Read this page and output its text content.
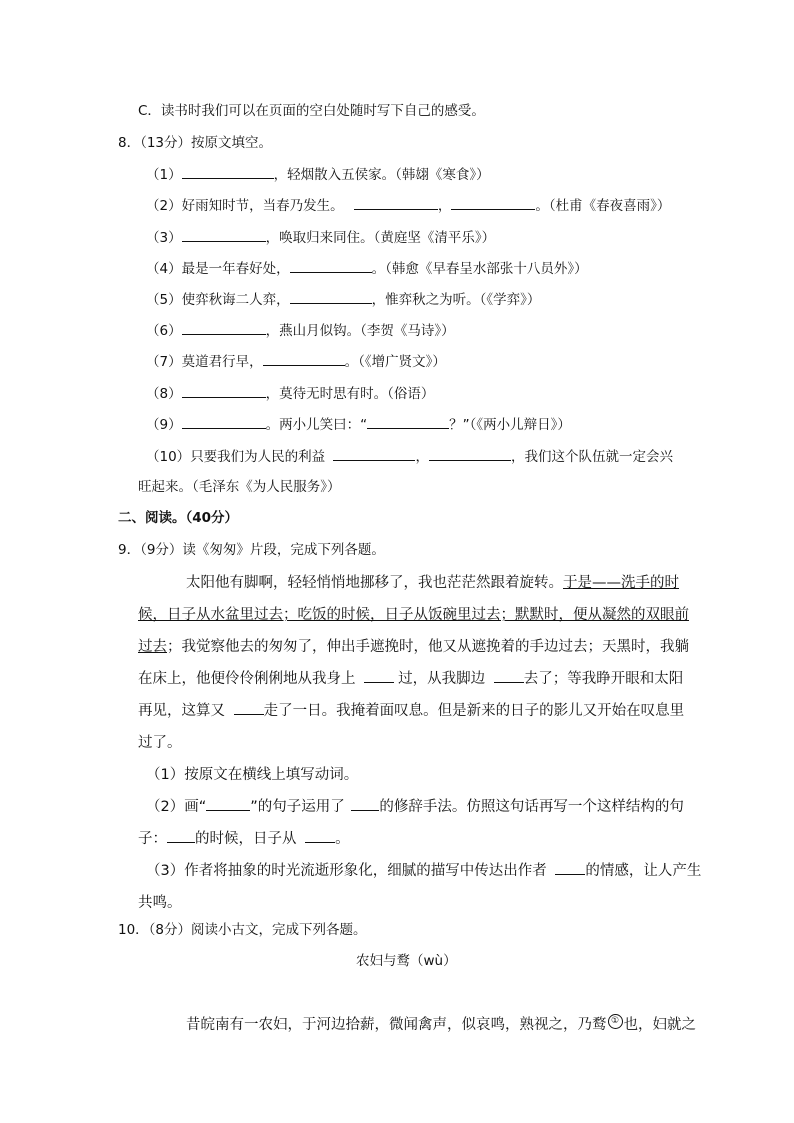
C．读书时我们可以在页面的空白处随时写下自己的感受。
8．（13分）按原文填空。
（1）	，轻烟散入五侯家。（韩翃《寒食》）
（2）好雨知时节，当春乃发生。	，	。（杜甫《春夜喜雨》）
（3）	，唤取归来同住。（黄庭坚《清平乐》）
（4）最是一年春好处，	。（韩愈《早春呈水部张十八员外》）
（5）使弈秋诲二人弈，	，惟弈秋之为听。（《学弈》）
（6）	，燕山月似钩。（李贺《马诗》）
（7）莫道君行早，	。（《增广贤文》）
（8）	，莫待无时思有时。（俗语）
（9）	。两小儿笑曰：“	？”（《两小儿辩日》）
（10）只要我们为人民的利益	，	，我们这个队伍就一定会兴
旺起来。（毛泽东《为人民服务》）
二、阅读。（40分）
9．（9分）读《匆匆》片段，完成下列各题。
太阳他有脚啊，轻轻悄悄地挪移了，我也茫茫然跟着旋转。于是——洗手的时
候，日子从水盆里过去；吃饭的时候，日子从饭碗里过去；默默时，便从凝然的双眼前
过去；我觉察他去的匆匆了，伸出手遮挽时，他又从遮挽着的手边过去；天黑时，我躺
在床上，他便伶伶俐俐地从我身上	过，从我脚边	去了；等我睁开眼和太阳
再见，这算又	走了一日。我掩着面叹息。但是新来的日子的影儿又开始在叹息里
过了。
（1）按原文在横线上填写动词。
（2）画“	”的句子运用了 的修辞手法。仿照这句话再写一个这样结构的句
子： 的时候，日子从	。
（3）作者将抽象的时光流逝形象化，细腻的描写中传达出作者	的情感，让人产生
共鸣。
10．（8分）阅读小古文，完成下列各题。
农妇与鹜（wù）
昔皖南有一农妇，于河边拾薪，微闻禽声，似哀鸣，熟视之，乃鹜 ① 也，妇就之
